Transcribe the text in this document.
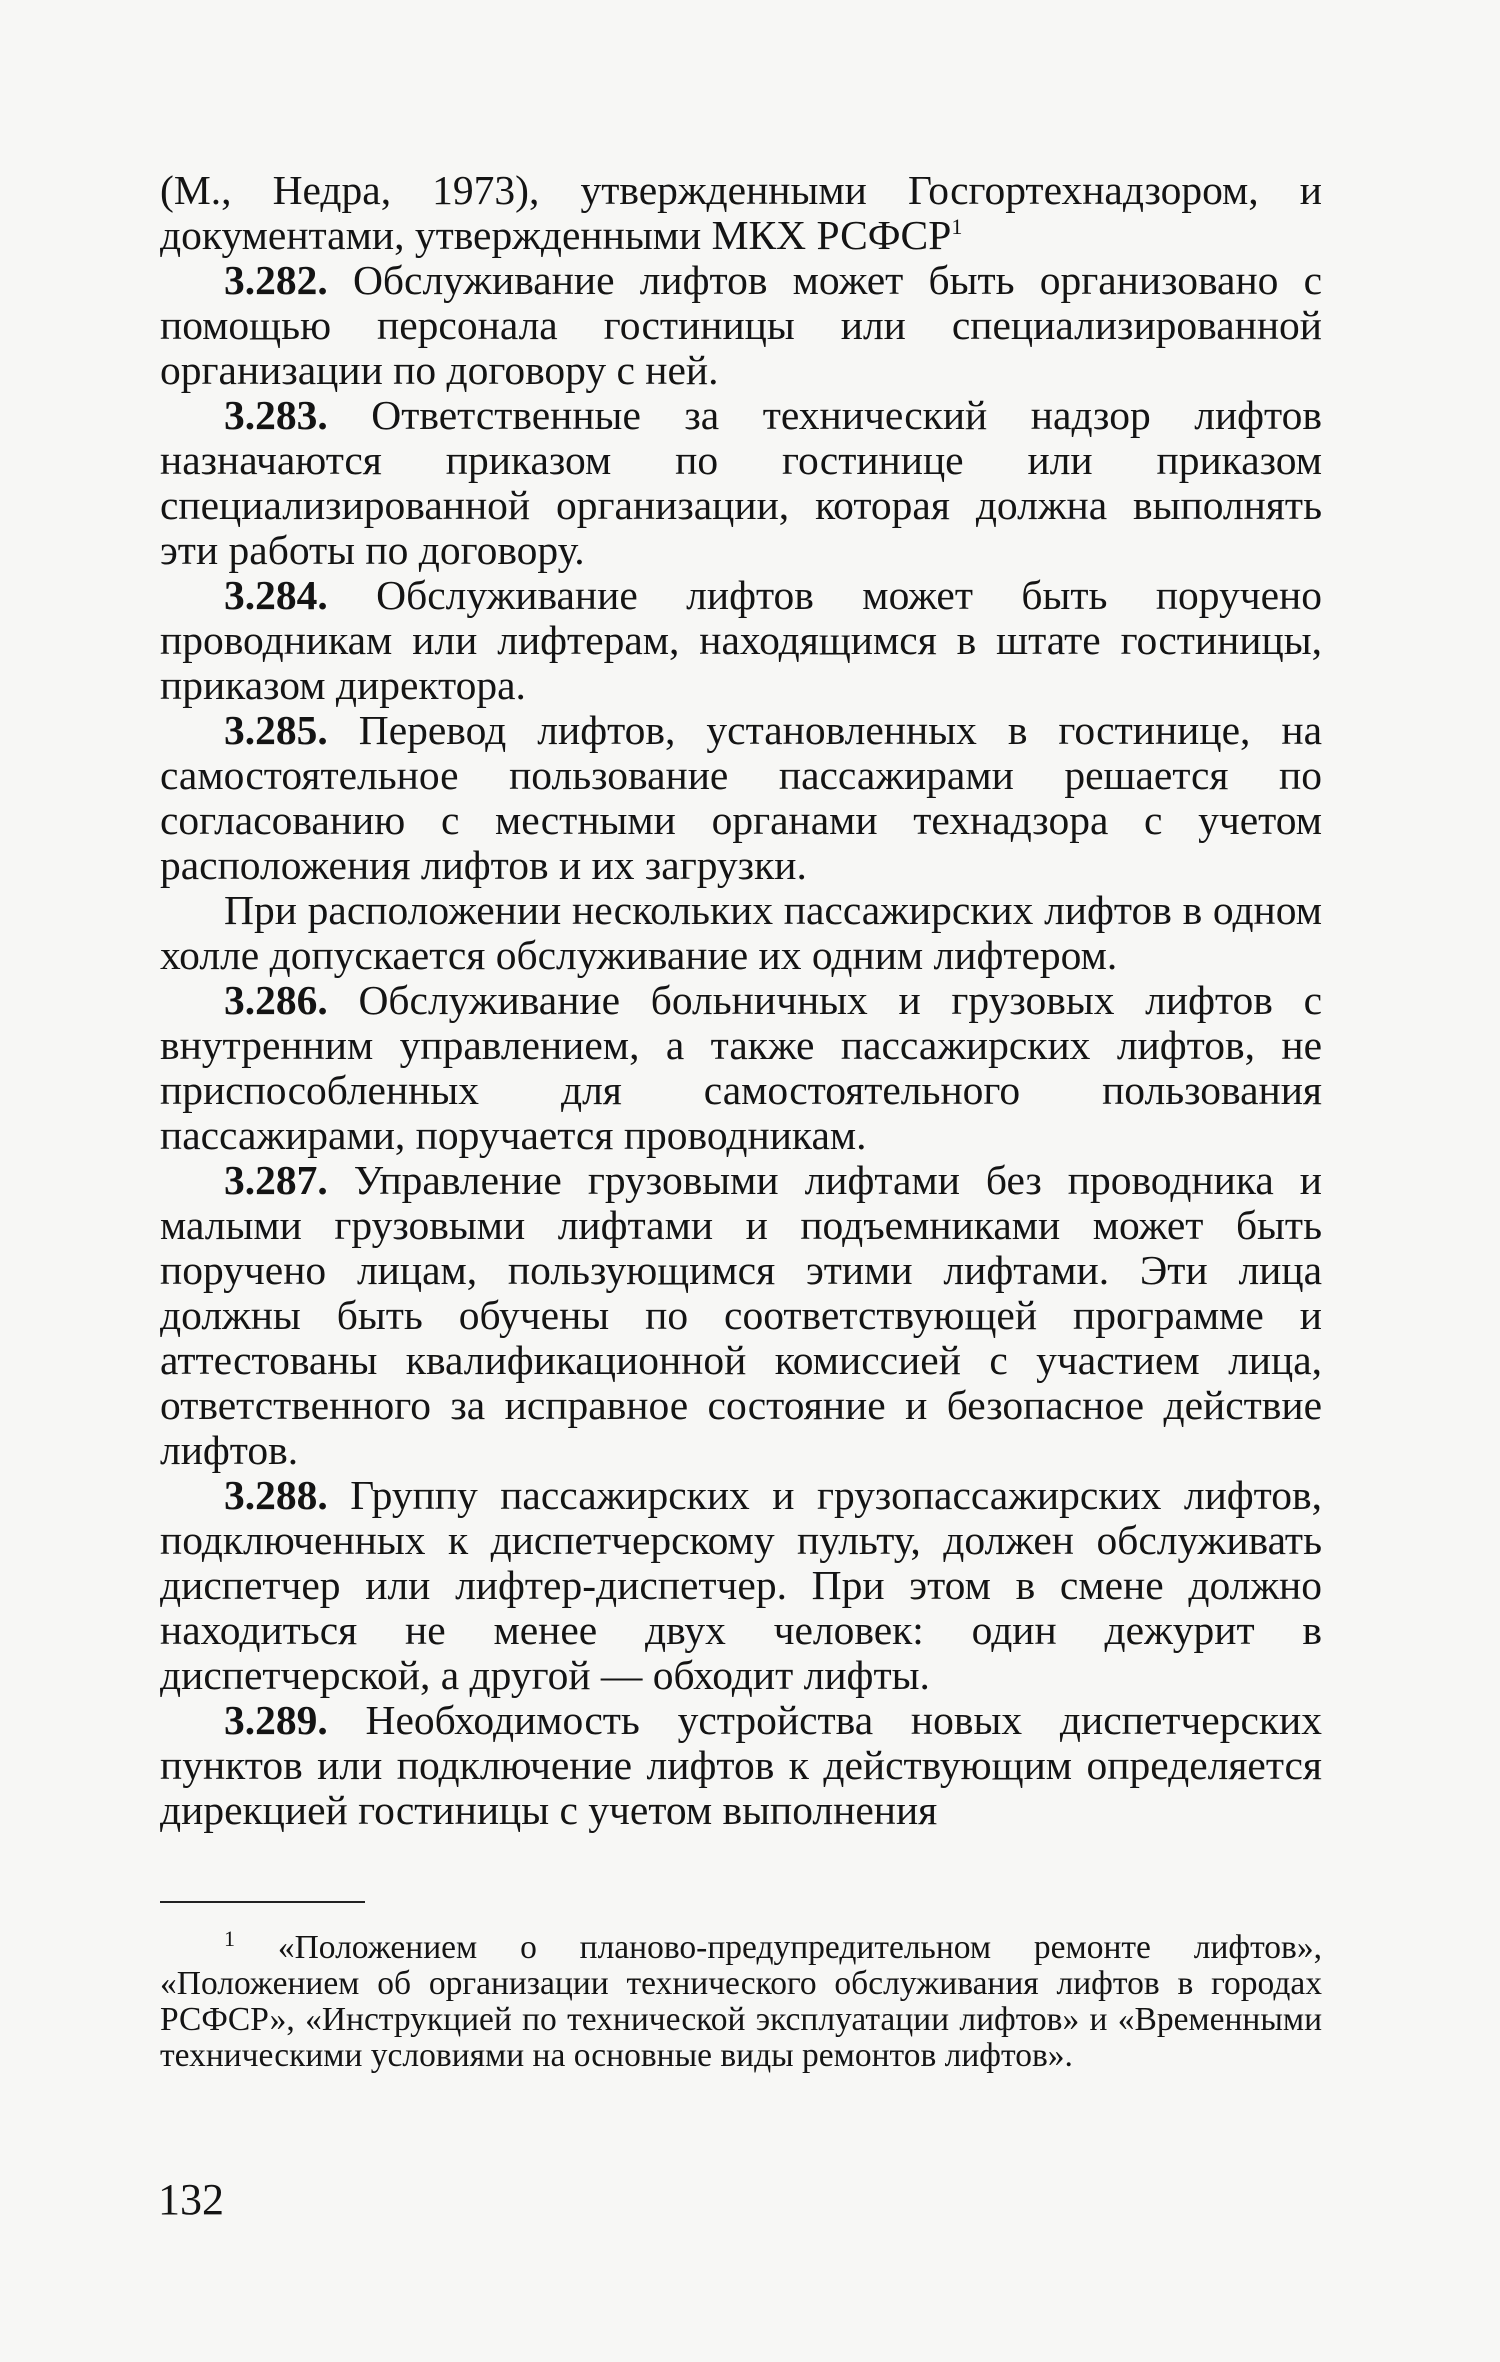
(М., Недра, 1973), утвержденными Госгортехнадзором, и документами, утвержденными МКХ РСФСР$^1$

3.282. Обслуживание лифтов может быть организовано с помощью персонала гостиницы или специализированной организации по договору с ней.

3.283. Ответственные за технический надзор лифтов назначаются приказом по гостинице или приказом специализированной организации, которая должна выполнять эти работы по договору.

3.284. Обслуживание лифтов может быть поручено проводникам или лифтерам, находящимся в штате гостиницы, приказом директора.

3.285. Перевод лифтов, установленных в гостинице, на самостоятельное пользование пассажирами решается по согласованию с местными органами технадзора с учетом расположения лифтов и их загрузки.

При расположении нескольких пассажирских лифтов в одном холле допускается обслуживание их одним лифтером.

3.286. Обслуживание больничных и грузовых лифтов с внутренним управлением, а также пассажирских лифтов, не приспособленных для самостоятельного пользования пассажирами, поручается проводникам.

3.287. Управление грузовыми лифтами без проводника и малыми грузовыми лифтами и подъемниками может быть поручено лицам, пользующимся этими лифтами. Эти лица должны быть обучены по соответствующей программе и аттестованы квалификационной комиссией с участием лица, ответственного за исправное состояние и безопасное действие лифтов.

3.288. Группу пассажирских и грузопассажирских лифтов, подключенных к диспетчерскому пульту, должен обслуживать диспетчер или лифтер-диспетчер. При этом в смене должно находиться не менее двух человек: один дежурит в диспетчерской, а другой — обходит лифты.

3.289. Необходимость устройства новых диспетчерских пунктов или подключение лифтов к действующим определяется дирекцией гостиницы с учетом выполнения

$^1$ «Положением о планово-предупредительном ремонте лифтов», «Положением об организации технического обслуживания лифтов в городах РСФСР», «Инструкцией по технической эксплуатации лифтов» и «Временными техническими условиями на основные виды ремонтов лифтов».

132
